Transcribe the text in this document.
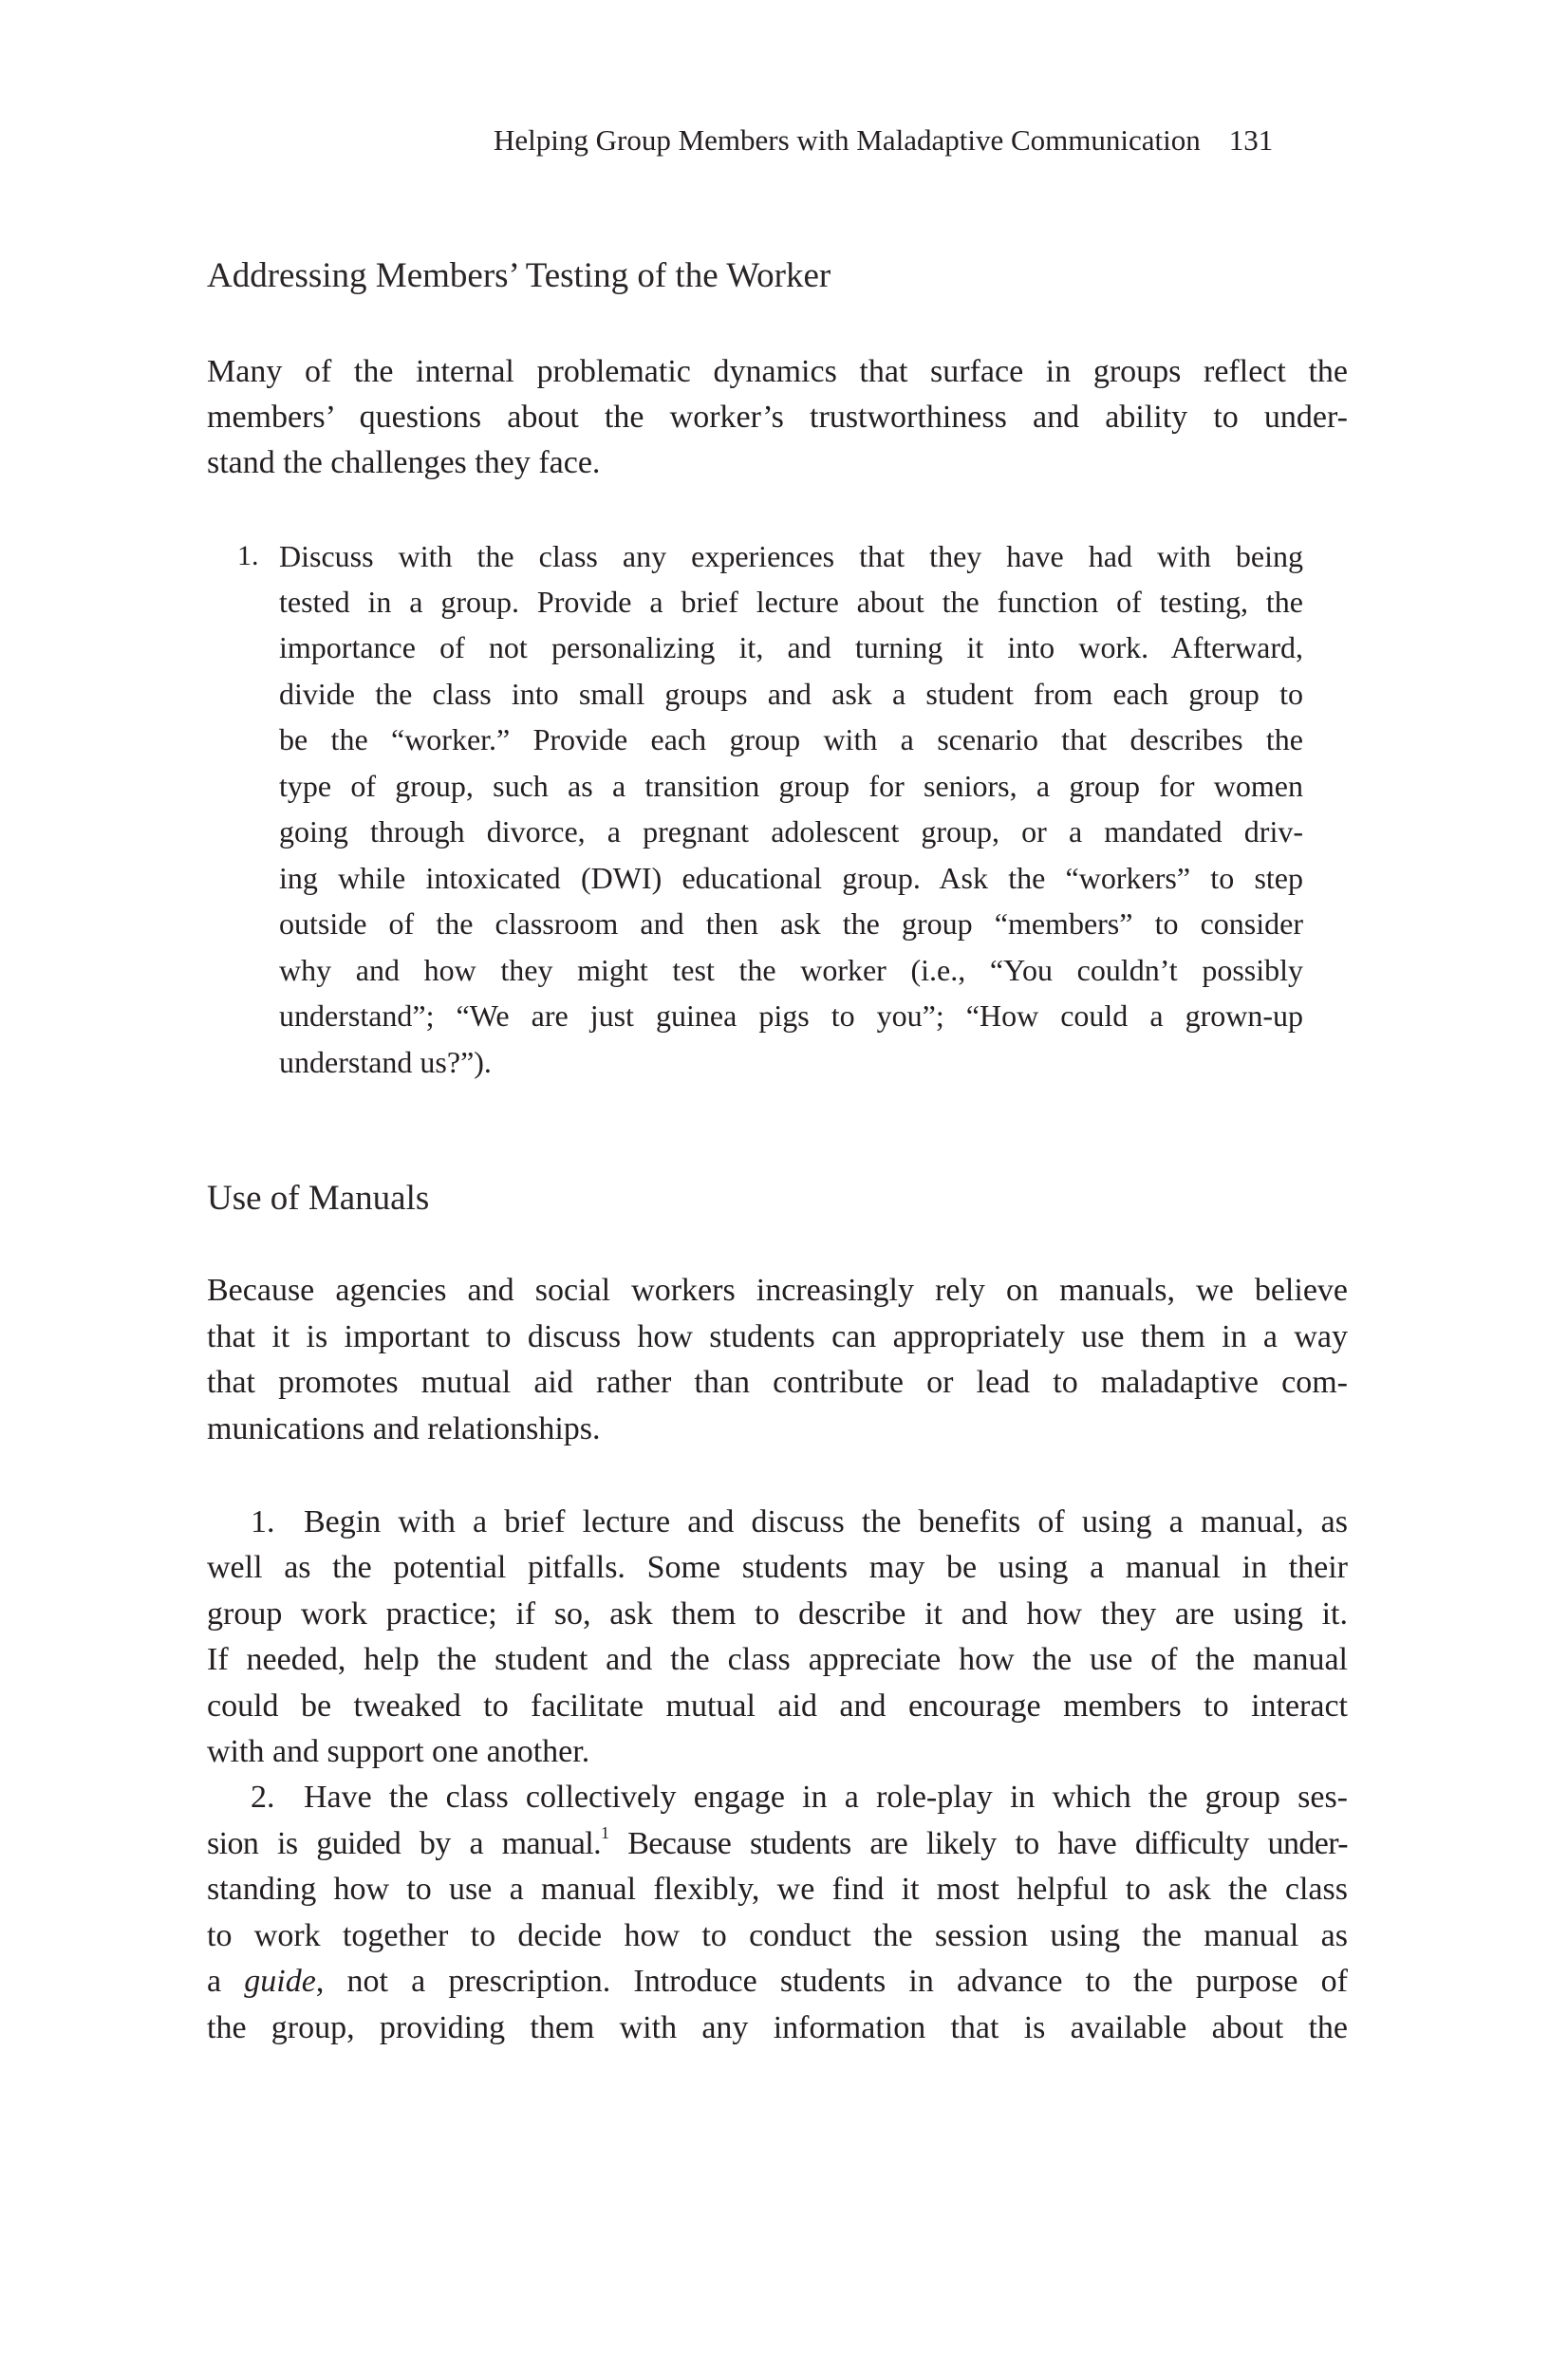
Helping Group Members with Maladaptive Communication 131
Addressing Members’ Testing of the Worker
Many of the internal problematic dynamics that surface in groups reflect the
members’ questions about the worker’s trustworthiness and ability to under-
stand the challenges they face.
1. Discuss with the class any experiences that they have had with being
tested in a group. Provide a brief lecture about the function of testing, the
importance of not personalizing it, and turning it into work. Afterward,
divide the class into small groups and ask a student from each group to
be the “worker.” Provide each group with a scenario that describes the
type of group, such as a transition group for seniors, a group for women
going through divorce, a pregnant adolescent group, or a mandated driv-
ing while intoxicated (DWI) educational group. Ask the “workers” to step
outside of the classroom and then ask the group “members” to consider
why and how they might test the worker (i.e., “You couldn’t possibly
understand”; “We are just guinea pigs to you”; “How could a grown-up
understand us?”).
Use of Manuals
Because agencies and social workers increasingly rely on manuals, we believe
that it is important to discuss how students can appropriately use them in a way
that promotes mutual aid rather than contribute or lead to maladaptive com-
munications and relationships.
1. Begin with a brief lecture and discuss the benefits of using a manual, as
well as the potential pitfalls. Some students may be using a manual in their
group work practice; if so, ask them to describe it and how they are using it.
If needed, help the student and the class appreciate how the use of the manual
could be tweaked to facilitate mutual aid and encourage members to interact
with and support one another.
2. Have the class collectively engage in a role-play in which the group ses-
sion is guided by a manual.$^1$ Because students are likely to have difficulty under-
standing how to use a manual flexibly, we find it most helpful to ask the class
to work together to decide how to conduct the session using the manual as
a guide, not a prescription. Introduce students in advance to the purpose of
the group, providing them with any information that is available about the
